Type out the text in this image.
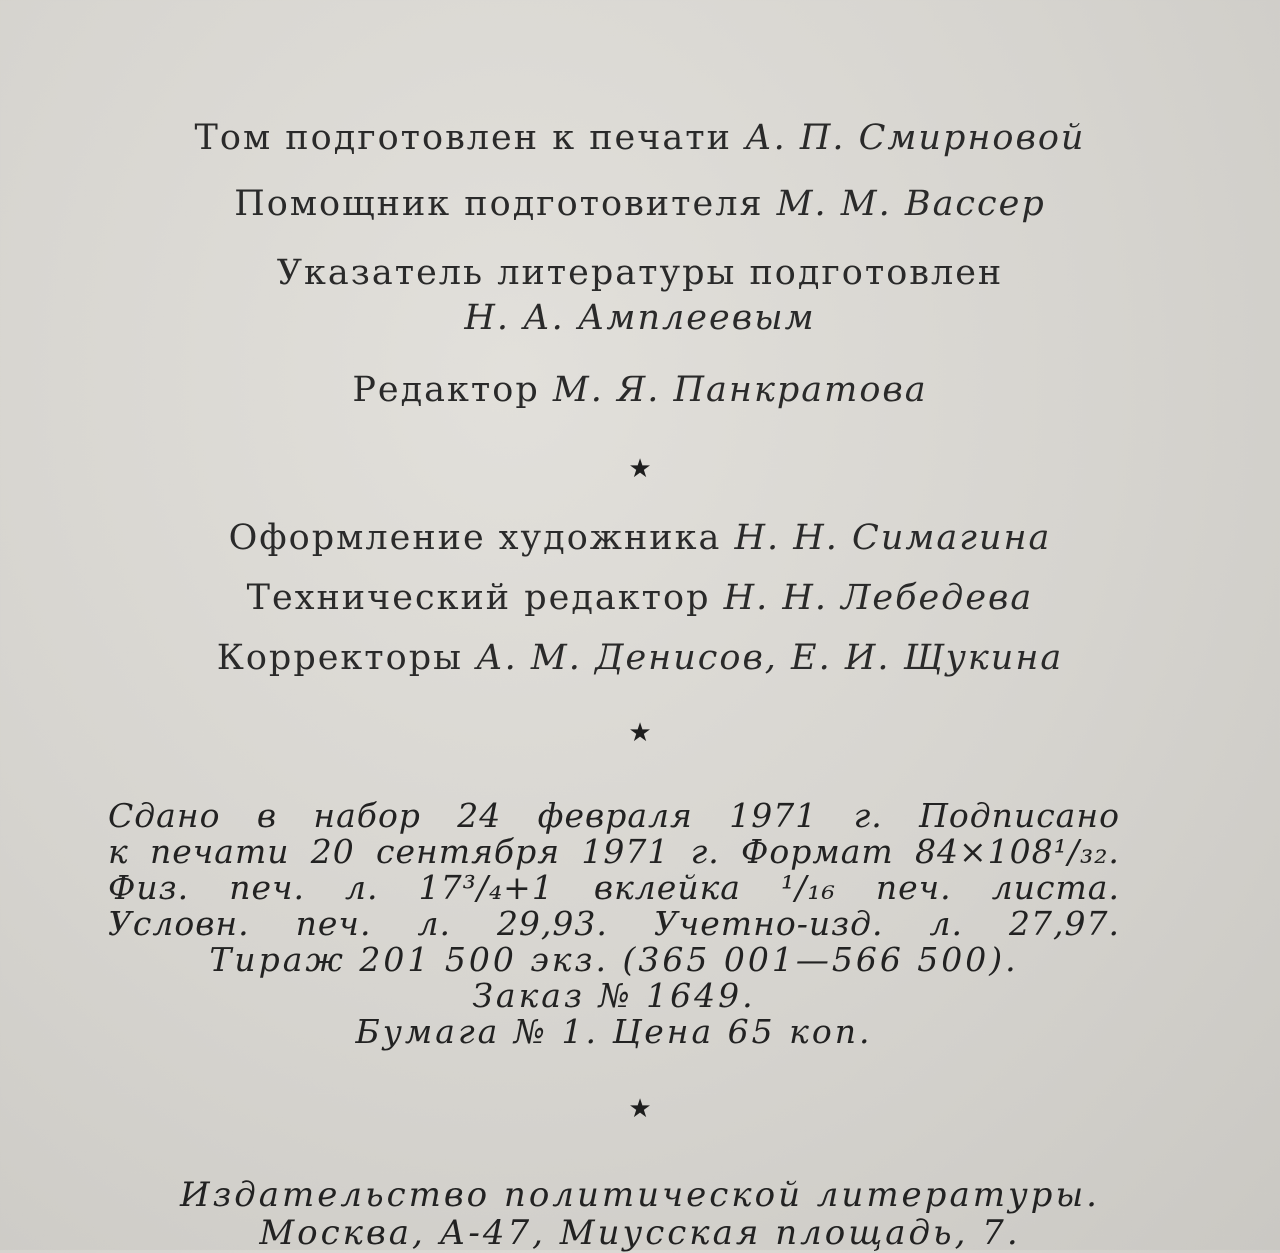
Том подготовлен к печати А. П. Смирновой
Помощник подготовителя М. М. Вассер
Указатель литературы подготовлен
Н. А. Амплеевым
Редактор М. Я. Панкратова
★
Оформление художника Н. Н. Симагина
Технический редактор Н. Н. Лебедева
Корректоры А. М. Денисов, Е. И. Щукина
★
Сдано в набор 24 февраля 1971 г. Подписано
к печати 20 сентября 1971 г. Формат 84×108¹/₃₂.
Физ. печ. л. 17³/₄+1 вклейка ¹/₁₆ печ. листа.
Условн. печ. л. 29,93. Учетно-изд. л. 27,97.
Тираж 201 500 экз. (365 001—566 500).
Заказ № 1649.
Бумага № 1. Цена 65 коп.
★
Издательство политической литературы.
Москва, А-47, Миусская площадь, 7.
